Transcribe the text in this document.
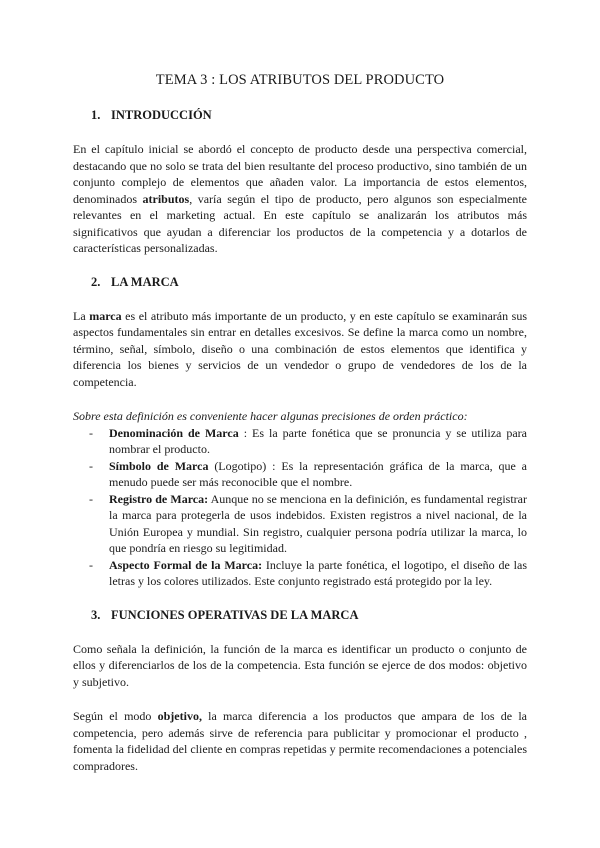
TEMA 3 : LOS ATRIBUTOS DEL PRODUCTO
1. INTRODUCCIÓN

En el capítulo inicial se abordó el concepto de producto desde una perspectiva comercial, destacando que no solo se trata del bien resultante del proceso productivo, sino también de un conjunto complejo de elementos que añaden valor. La importancia de estos elementos, denominados atributos, varía según el tipo de producto, pero algunos son especialmente relevantes en el marketing actual. En este capítulo se analizarán los atributos más significativos que ayudan a diferenciar los productos de la competencia y a dotarlos de características personalizadas.

2. LA MARCA

La marca es el atributo más importante de un producto, y en este capítulo se examinarán sus aspectos fundamentales sin entrar en detalles excesivos. Se define la marca como un nombre, término, señal, símbolo, diseño o una combinación de estos elementos que identifica y diferencia los bienes y servicios de un vendedor o grupo de vendedores de los de la competencia.

Sobre esta definición es conveniente hacer algunas precisiones de orden práctico:
- Denominación de Marca : Es la parte fonética que se pronuncia y se utiliza para nombrar el producto.
- Símbolo de Marca (Logotipo) : Es la representación gráfica de la marca, que a menudo puede ser más reconocible que el nombre.
- Registro de Marca: Aunque no se menciona en la definición, es fundamental registrar la marca para protegerla de usos indebidos. Existen registros a nivel nacional, de la Unión Europea y mundial. Sin registro, cualquier persona podría utilizar la marca, lo que pondría en riesgo su legitimidad.
- Aspecto Formal de la Marca: Incluye la parte fonética, el logotipo, el diseño de las letras y los colores utilizados. Este conjunto registrado está protegido por la ley.
3. FUNCIONES OPERATIVAS DE LA MARCA

Como señala la definición, la función de la marca es identificar un producto o conjunto de ellos y diferenciarlos de los de la competencia. Esta función se ejerce de dos modos: objetivo y subjetivo.

Según el modo objetivo, la marca diferencia a los productos que ampara de los de la competencia, pero además sirve de referencia para publicitar y promocionar el producto , fomenta la fidelidad del cliente en compras repetidas y permite recomendaciones a potenciales compradores.
